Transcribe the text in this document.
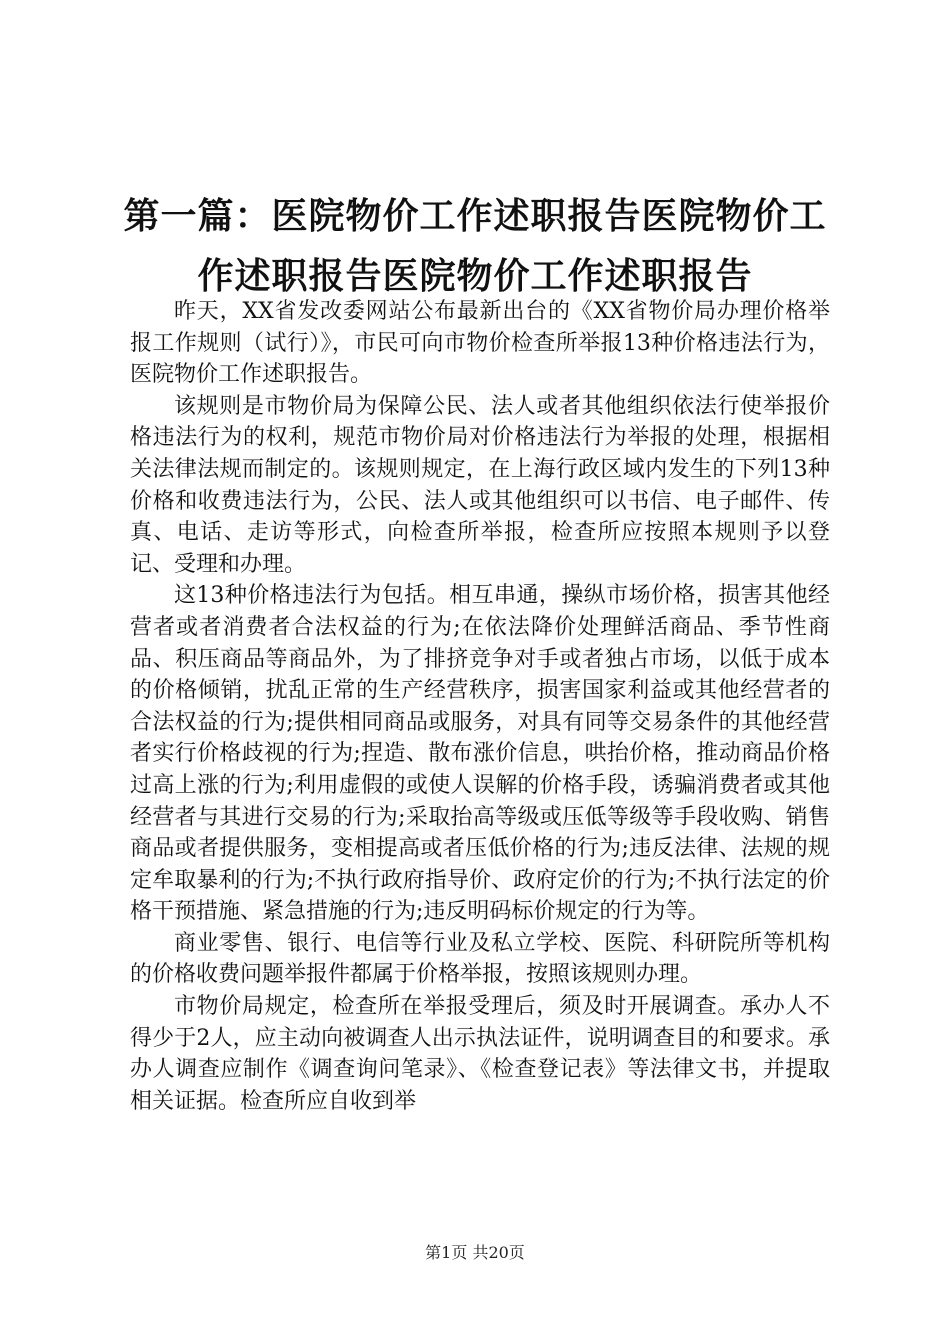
第一篇：医院物价工作述职报告医院物价工作述职报告医院物价工作述职报告

昨天，XX省发改委网站公布最新出台的《XX省物价局办理价格举报工作规则（试行）》，市民可向市物价检查所举报13种价格违法行为，医院物价工作述职报告。

该规则是市物价局为保障公民、法人或者其他组织依法行使举报价格违法行为的权利，规范市物价局对价格违法行为举报的处理，根据相关法律法规而制定的。该规则规定，在上海行政区域内发生的下列13种价格和收费违法行为，公民、法人或其他组织可以书信、电子邮件、传真、电话、走访等形式，向检查所举报，检查所应按照本规则予以登记、受理和办理。

这13种价格违法行为包括。相互串通，操纵市场价格，损害其他经营者或者消费者合法权益的行为;在依法降价处理鲜活商品、季节性商品、积压商品等商品外，为了排挤竞争对手或者独占市场，以低于成本的价格倾销，扰乱正常的生产经营秩序，损害国家利益或其他经营者的合法权益的行为;提供相同商品或服务，对具有同等交易条件的其他经营者实行价格歧视的行为;捏造、散布涨价信息，哄抬价格，推动商品价格过高上涨的行为;利用虚假的或使人误解的价格手段，诱骗消费者或其他经营者与其进行交易的行为;采取抬高等级或压低等级等手段收购、销售商品或者提供服务，变相提高或者压低价格的行为;违反法律、法规的规定牟取暴利的行为;不执行政府指导价、政府定价的行为;不执行法定的价格干预措施、紧急措施的行为;违反明码标价规定的行为等。

商业零售、银行、电信等行业及私立学校、医院、科研院所等机构的价格收费问题举报件都属于价格举报，按照该规则办理。

市物价局规定，检查所在举报受理后，须及时开展调查。承办人不得少于2人，应主动向被调查人出示执法证件，说明调查目的和要求。承办人调查应制作《调查询问笔录》、《检查登记表》等法律文书，并提取相关证据。检查所应自收到举

第1页 共20页
